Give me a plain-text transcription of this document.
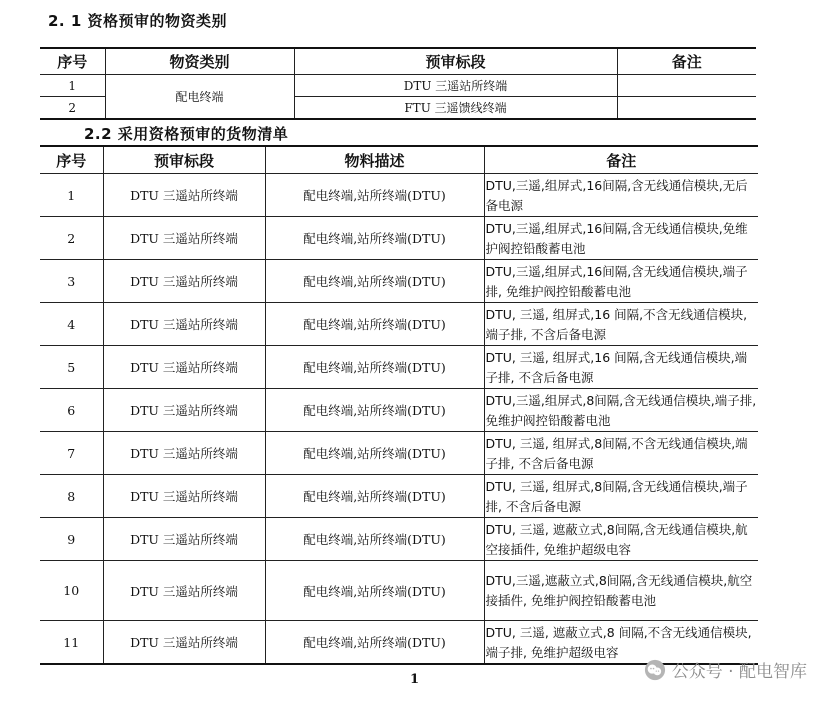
2. 1 资格预审的物资类别
序号	物资类别	预审标段	备注
1	配电终端	DTU 三遥站所终端	
2		FTU 三遥馈线终端	
2.2 采用资格预审的货物清单
序号	预审标段	物料描述	备注
1	DTU 三遥站所终端	配电终端,站所终端(DTU)	DTU,三遥,组屏式,16间隔,含无线通信模块,无后备电源
2	DTU 三遥站所终端	配电终端,站所终端(DTU)	DTU,三遥,组屏式,16间隔,含无线通信模块,免维护阀控铅酸蓄电池
3	DTU 三遥站所终端	配电终端,站所终端(DTU)	DTU,三遥,组屏式,16间隔,含无线通信模块,端子排, 免维护阀控铅酸蓄电池
4	DTU 三遥站所终端	配电终端,站所终端(DTU)	DTU, 三遥, 组屏式,16 间隔,不含无线通信模块,端子排, 不含后备电源
5	DTU 三遥站所终端	配电终端,站所终端(DTU)	DTU, 三遥, 组屏式,16 间隔,含无线通信模块,端子排, 不含后备电源
6	DTU 三遥站所终端	配电终端,站所终端(DTU)	DTU,三遥,组屏式,8间隔,含无线通信模块,端子排, 免维护阀控铅酸蓄电池
7	DTU 三遥站所终端	配电终端,站所终端(DTU)	DTU, 三遥, 组屏式,8间隔,不含无线通信模块,端子排, 不含后备电源
8	DTU 三遥站所终端	配电终端,站所终端(DTU)	DTU, 三遥, 组屏式,8间隔,含无线通信模块,端子排, 不含后备电源
9	DTU 三遥站所终端	配电终端,站所终端(DTU)	DTU, 三遥, 遮蔽立式,8间隔,含无线通信模块,航空接插件, 免维护超级电容
10	DTU 三遥站所终端	配电终端,站所终端(DTU)	DTU,三遥,遮蔽立式,8间隔,含无线通信模块,航空接插件, 免维护阀控铅酸蓄电池
11	DTU 三遥站所终端	配电终端,站所终端(DTU)	DTU, 三遥, 遮蔽立式,8 间隔,不含无线通信模块,端子排, 免维护超级电容
1	公众号 · 配电智库
